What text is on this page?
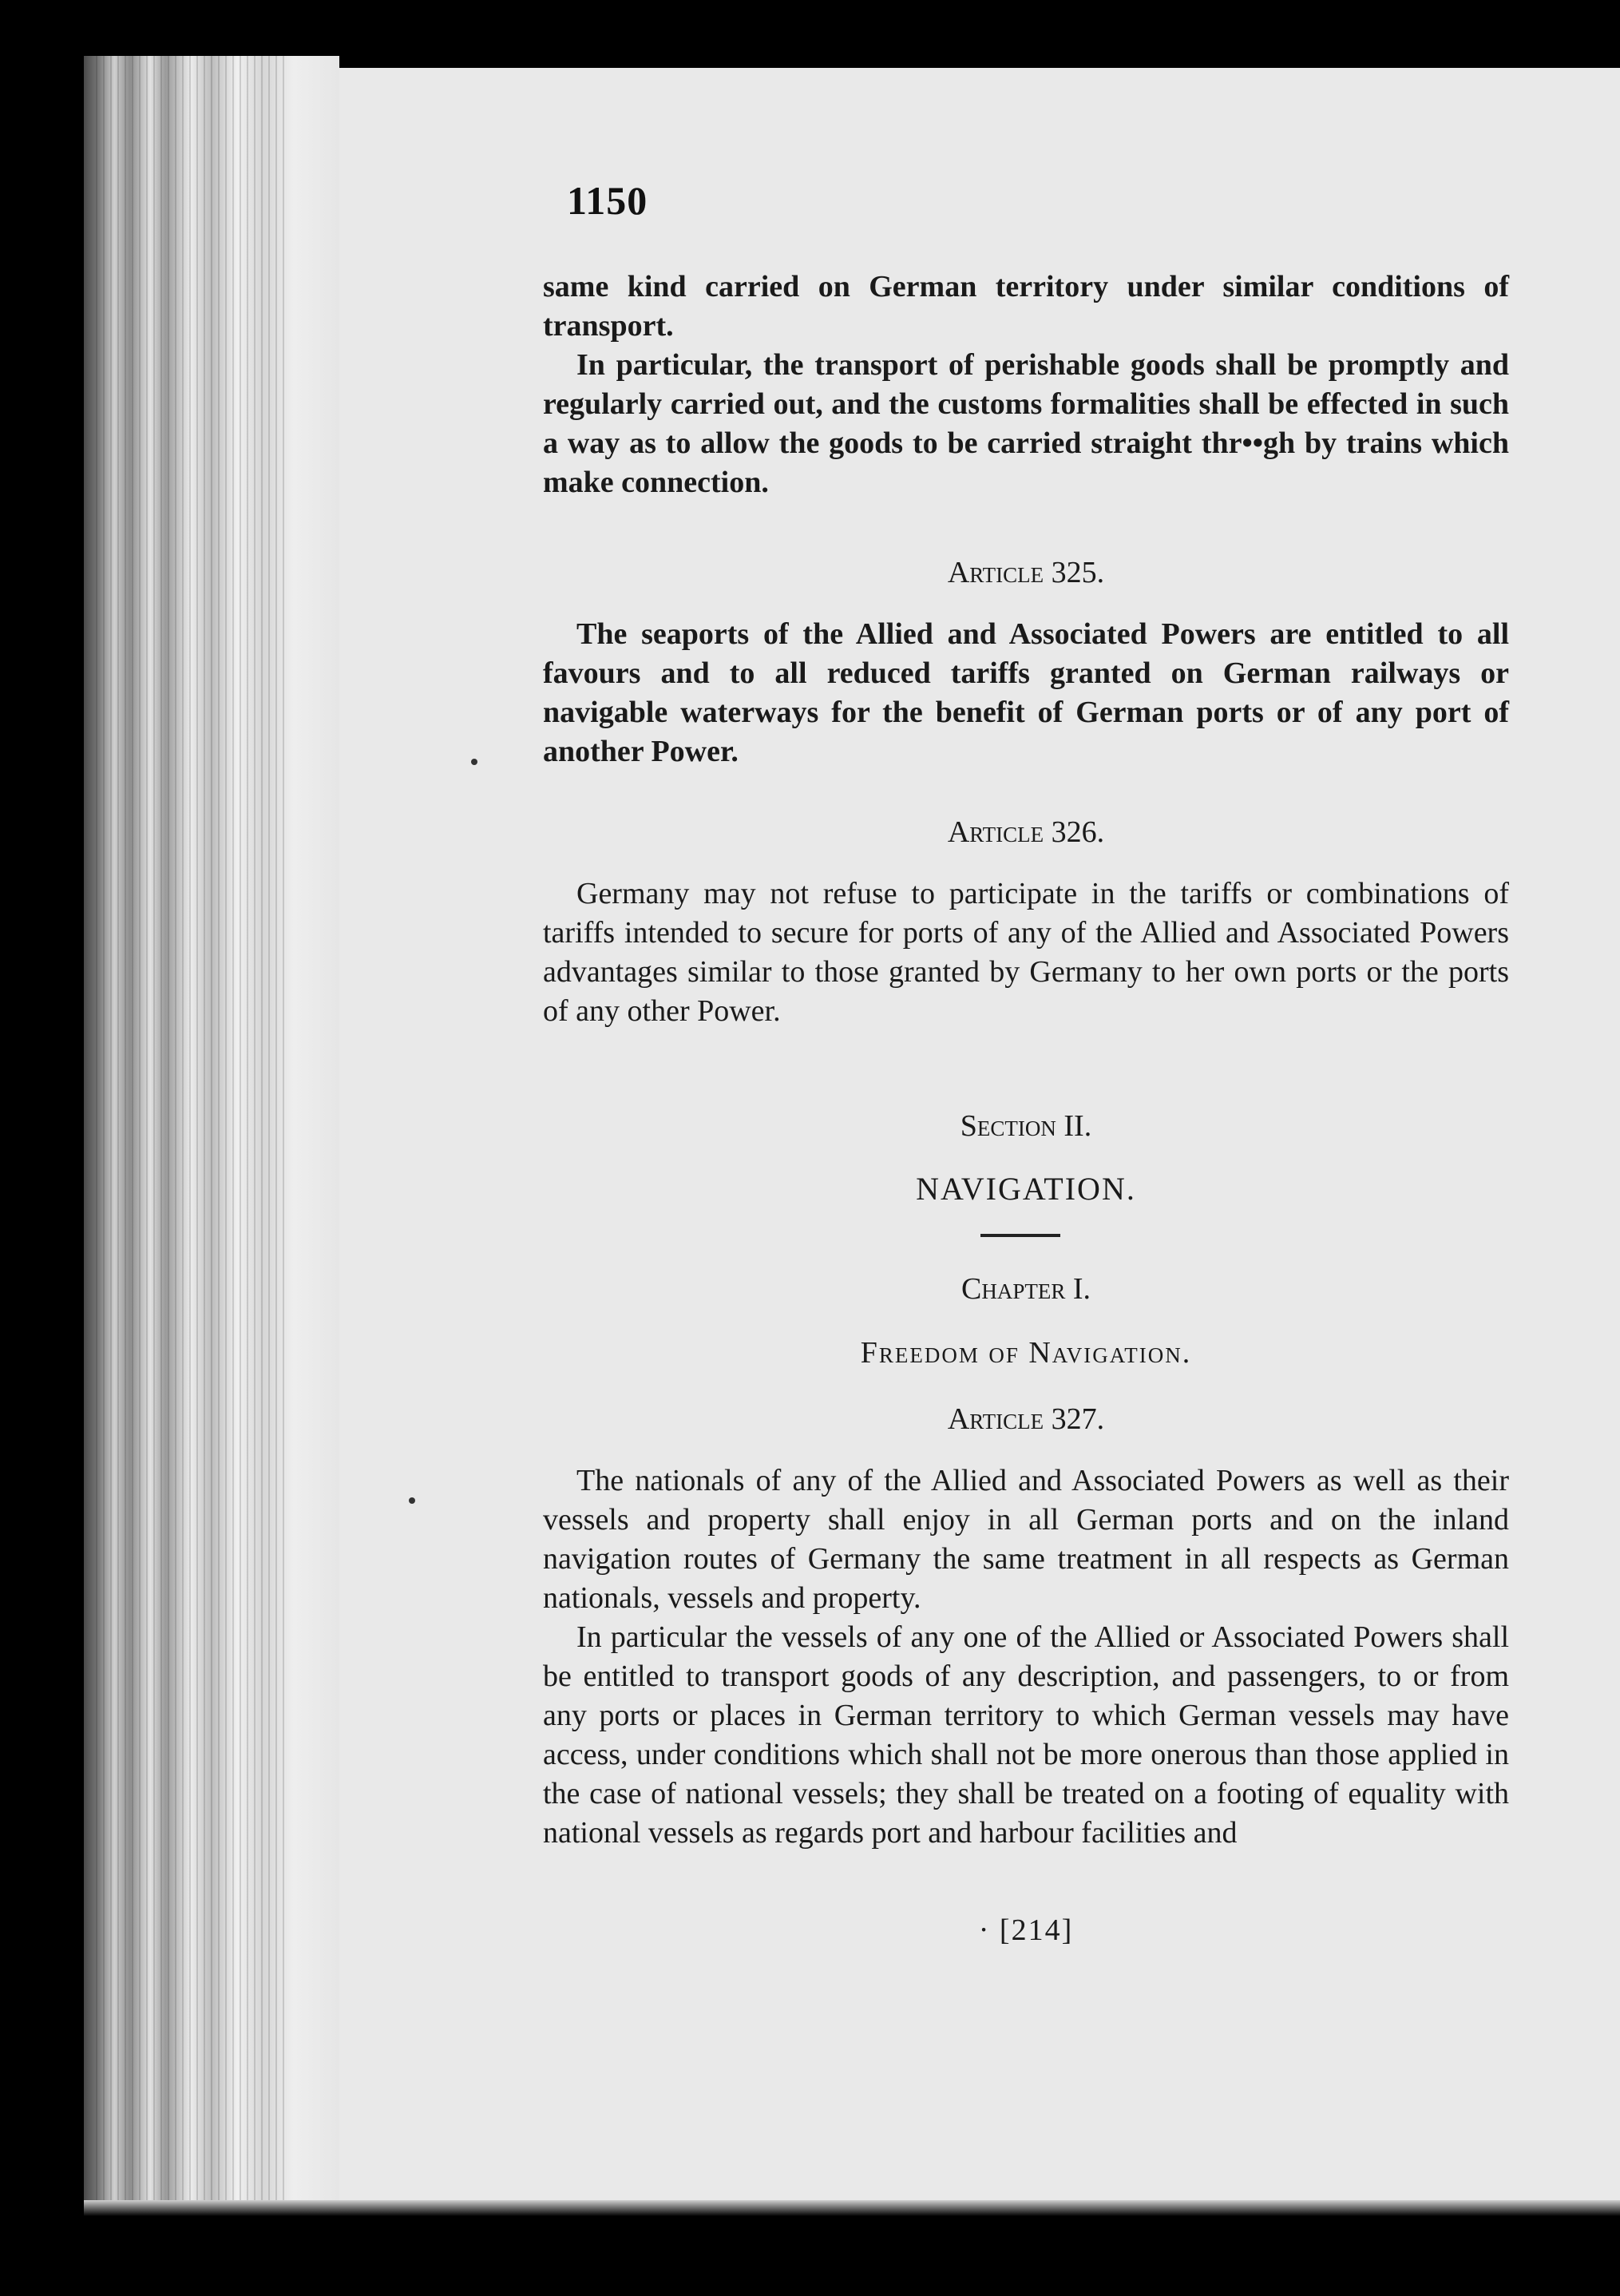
1150

same kind carried on German territory under similar conditions of transport.

In particular, the transport of perishable goods shall be promptly and regularly carried out, and the customs formalities shall be effected in such a way as to allow the goods to be carried straight thr••gh by trains which make connection.

Article 325.

The seaports of the Allied and Associated Powers are entitled to all favours and to all reduced tariffs granted on German railways or navigable waterways for the benefit of German ports or of any port of another Power.

Article 326.

Germany may not refuse to participate in the tariffs or combinations of tariffs intended to secure for ports of any of the Allied and Associated Powers advantages similar to those granted by Germany to her own ports or the ports of any other Power.

Section II.
NAVIGATION.
Chapter I.
Freedom of Navigation.
Article 327.

The nationals of any of the Allied and Associated Powers as well as their vessels and property shall enjoy in all German ports and on the inland navigation routes of Germany the same treatment in all respects as German nationals, vessels and property.

In particular the vessels of any one of the Allied or Associated Powers shall be entitled to transport goods of any description, and passengers, to or from any ports or places in German territory to which German vessels may have access, under conditions which shall not be more onerous than those applied in the case of national vessels; they shall be treated on a footing of equality with national vessels as regards port and harbour facilities and

· [214]
